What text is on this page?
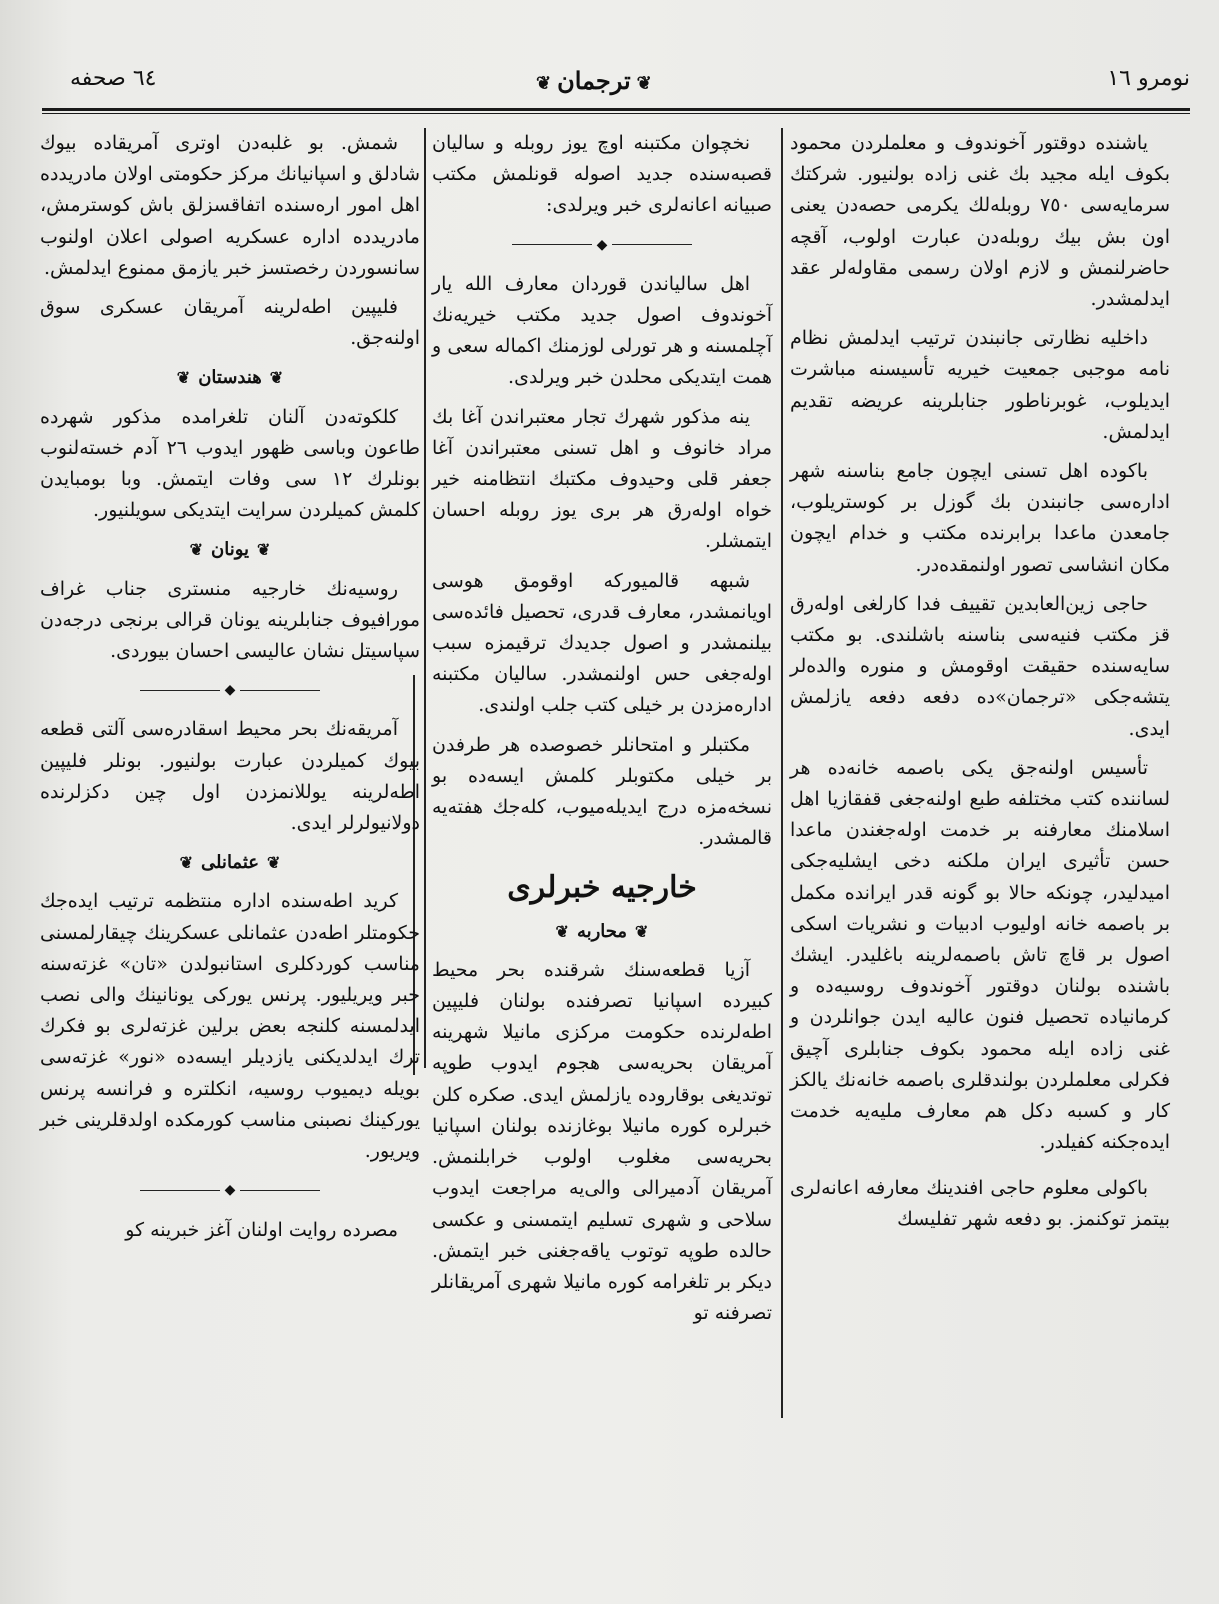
نومرو ١٦
❦ترجمان❦
٦٤ صحفه

یاشنده دوقتور آخوندوف و معلملردن محمود بکوف ایله مجید بك غنی زاده بولنیور. شرکتك سرمایه‌سی ٧٥٠ روبله‌لك یکرمی حصه‌دن یعنی اون بش بیك روبله‌دن عبارت اولوب، آقچه حاضرلنمش و لازم اولان رسمی مقاوله‌لر عقد ایدلمشدر.

داخلیه نظارتی جانبندن ترتیب ایدلمش نظام نامه موجبی جمعیت خیریه تأسیسنه مباشرت ایدیلوب، غوبرناطور جنابلرینه عریضه تقدیم ایدلمش.

باکوده اهل تسنی ایچون جامع بناسنه شهر اداره‌سی جانبندن بك گوزل بر کوستریلوب، جامعدن ماعدا برابرنده مکتب و خدام ایچون مکان انشاسی تصور اولنمقده‌در.

حاجی زین‌العابدین تقییف فدا کارلغی اوله‌رق قز مکتب فنیه‌سی بناسنه باشلندی. بو مکتب سایه‌سنده حقیقت اوقومش و منوره والده‌لر یتشه‌جکی «ترجمان»ده دفعه دفعه یازلمش ایدی.

تأسیس اولنه‌جق یکی باصمه خانه‌ده هر لساننده کتب مختلفه طبع اولنه‌جغی قفقازیا اهل اسلامنك معارفنه بر خدمت اوله‌جغندن ماعدا حسن تأثیری ایران ملکنه دخی ایشلیه‌جکی امیدلیدر، چونکه حالا بو گونه قدر ایرانده مکمل بر باصمه خانه اولیوب ادبیات و نشریات اسکی اصول بر قاچ تاش باصمه‌لرینه باغلیدر. ایشك باشنده بولنان دوقتور آخوندوف روسیه‌ده و کرمانیاده تحصیل فنون عالیه ایدن جوانلردن و غنی زاده ایله محمود بکوف جنابلری آچیق فکرلی معلملردن بولندقلری باصمه خانه‌نك یالکز کار و کسبه دکل هم معارف ملیه‌یه خدمت ایده‌جکنه کفیلدر.

باکولی معلوم حاجی افندینك معارفه اعانه‌لری بیتمز توکنمز. بو دفعه شهر تفلیسك

نخچوان مکتبنه اوچ یوز روبله و سالیان قصبه‌سنده جدید اصوله قونلمش مکتب صبیانه اعانه‌لری خبر ویرلدی:

◆

اهل سالیاندن قوردان معارف الله یار آخوندوف اصول جدید مکتب خیریه‌نك آچلمسنه و هر تورلی لوزمنك اکماله سعی و همت ایتدیکی محلدن خبر ویرلدی.

ینه مذکور شهرك تجار معتبراندن آغا بك مراد خانوف و اهل تسنی معتبراندن آغا جعفر قلی وحیدوف مکتبك انتظامنه خیر خواه اوله‌رق هر بری یوز روبله احسان ایتمشلر.

شبهه قالمیورکه اوقومق هوسی اویانمشدر، معارف قدری، تحصیل فائده‌سی بیلنمشدر و اصول جدیدك ترقیمزه سبب اوله‌جغی حس اولنمشدر. سالیان مکتبنه اداره‌مزدن بر خیلی کتب جلب اولندی.

مکتبلر و امتحانلر خصوصده هر طرفدن بر خیلی مکتوبلر کلمش ایسه‌ده بو نسخه‌مزه درج ایدیله‌میوب، کله‌جك هفته‌یه قالمشدر.

خارجیه خبرلری
❦محاربه❦

آزیا قطعه‌سنك شرقنده بحر محیط کبیرده اسپانیا تصرفنده بولنان فلیپین اطه‌لرنده حکومت مرکزی مانیلا شهرینه آمریقان بحریه‌سی هجوم ایدوب طوپه توتدیغی بوقارودە یازلمش ایدی. صکره کلن خبرلره کوره مانیلا بوغازنده بولنان اسپانیا بحریه‌سی مغلوب اولوب خرابلنمش. آمریقان آدمیرالی والی‌یه مراجعت ایدوب سلاحی و شهری تسلیم ایتمسنی و عکسی حالده طوپه توتوب یاقه‌جغنی خبر ایتمش. دیکر بر تلغرامه کوره مانیلا شهری آمریقانلر تصرفنه تو

شمش. بو غلبه‌دن اوتری آمریقاده بیوك شادلق و اسپانیانك مرکز حکومتی اولان مادریدده اهل امور اره‌سنده اتفاقسزلق باش کوسترمش، مادریدده اداره عسکریه اصولی اعلان اولنوب سانسوردن رخصتسز خبر یازمق ممنوع ایدلمش.

فلیپین اطه‌لرینه آمریقان عسکری سوق اولنه‌جق.

❦هندستان❦

کلکوته‌دن آلنان تلغرامده مذکور شهرده طاعون وباسی ظهور ایدوب ٢٦ آدم خسته‌لنوب بونلرك ١٢ سی وفات ایتمش. وبا بومبایدن کلمش کمیلردن سرایت ایتدیکی سویلنیور.

❦یونان❦

روسیه‌نك خارجیه منستری جناب غراف مورافیوف جنابلرینه یونان قرالی برنجی درجه‌دن سپاسیتل نشان عالیسی احسان بیوردی.

◆

آمریقه‌نك بحر محیط اسقادره‌سی آلتی قطعه بیوك کمیلردن عبارت بولنیور. بونلر فلیپین اطه‌لرینه یوللانمزدن اول چین دکزلرنده دولانیولرلر ایدی.

❦عثمانلی❦

کرید اطه‌سنده اداره منتظمه ترتیب ایده‌جك حکومتلر اطه‌دن عثمانلی عسکرینك چیقارلمسنی مناسب کوردکلری استانبولدن «تان» غزته‌سنه خبر ویریلیور. پرنس یورکی یونانینك والی نصب ایدلمسنه کلنجه بعض برلین غزته‌لری بو فکرك ترك ایدلدیکنی یازدیلر ایسه‌ده «نور» غزته‌سی بویله دیمیوب روسیه، انکلتره و فرانسه پرنس یورکینك نصبنی مناسب کورمکده اولدقلرینی خبر ویریور.

◆

مصرده روایت اولنان آغز خبرینه کو
